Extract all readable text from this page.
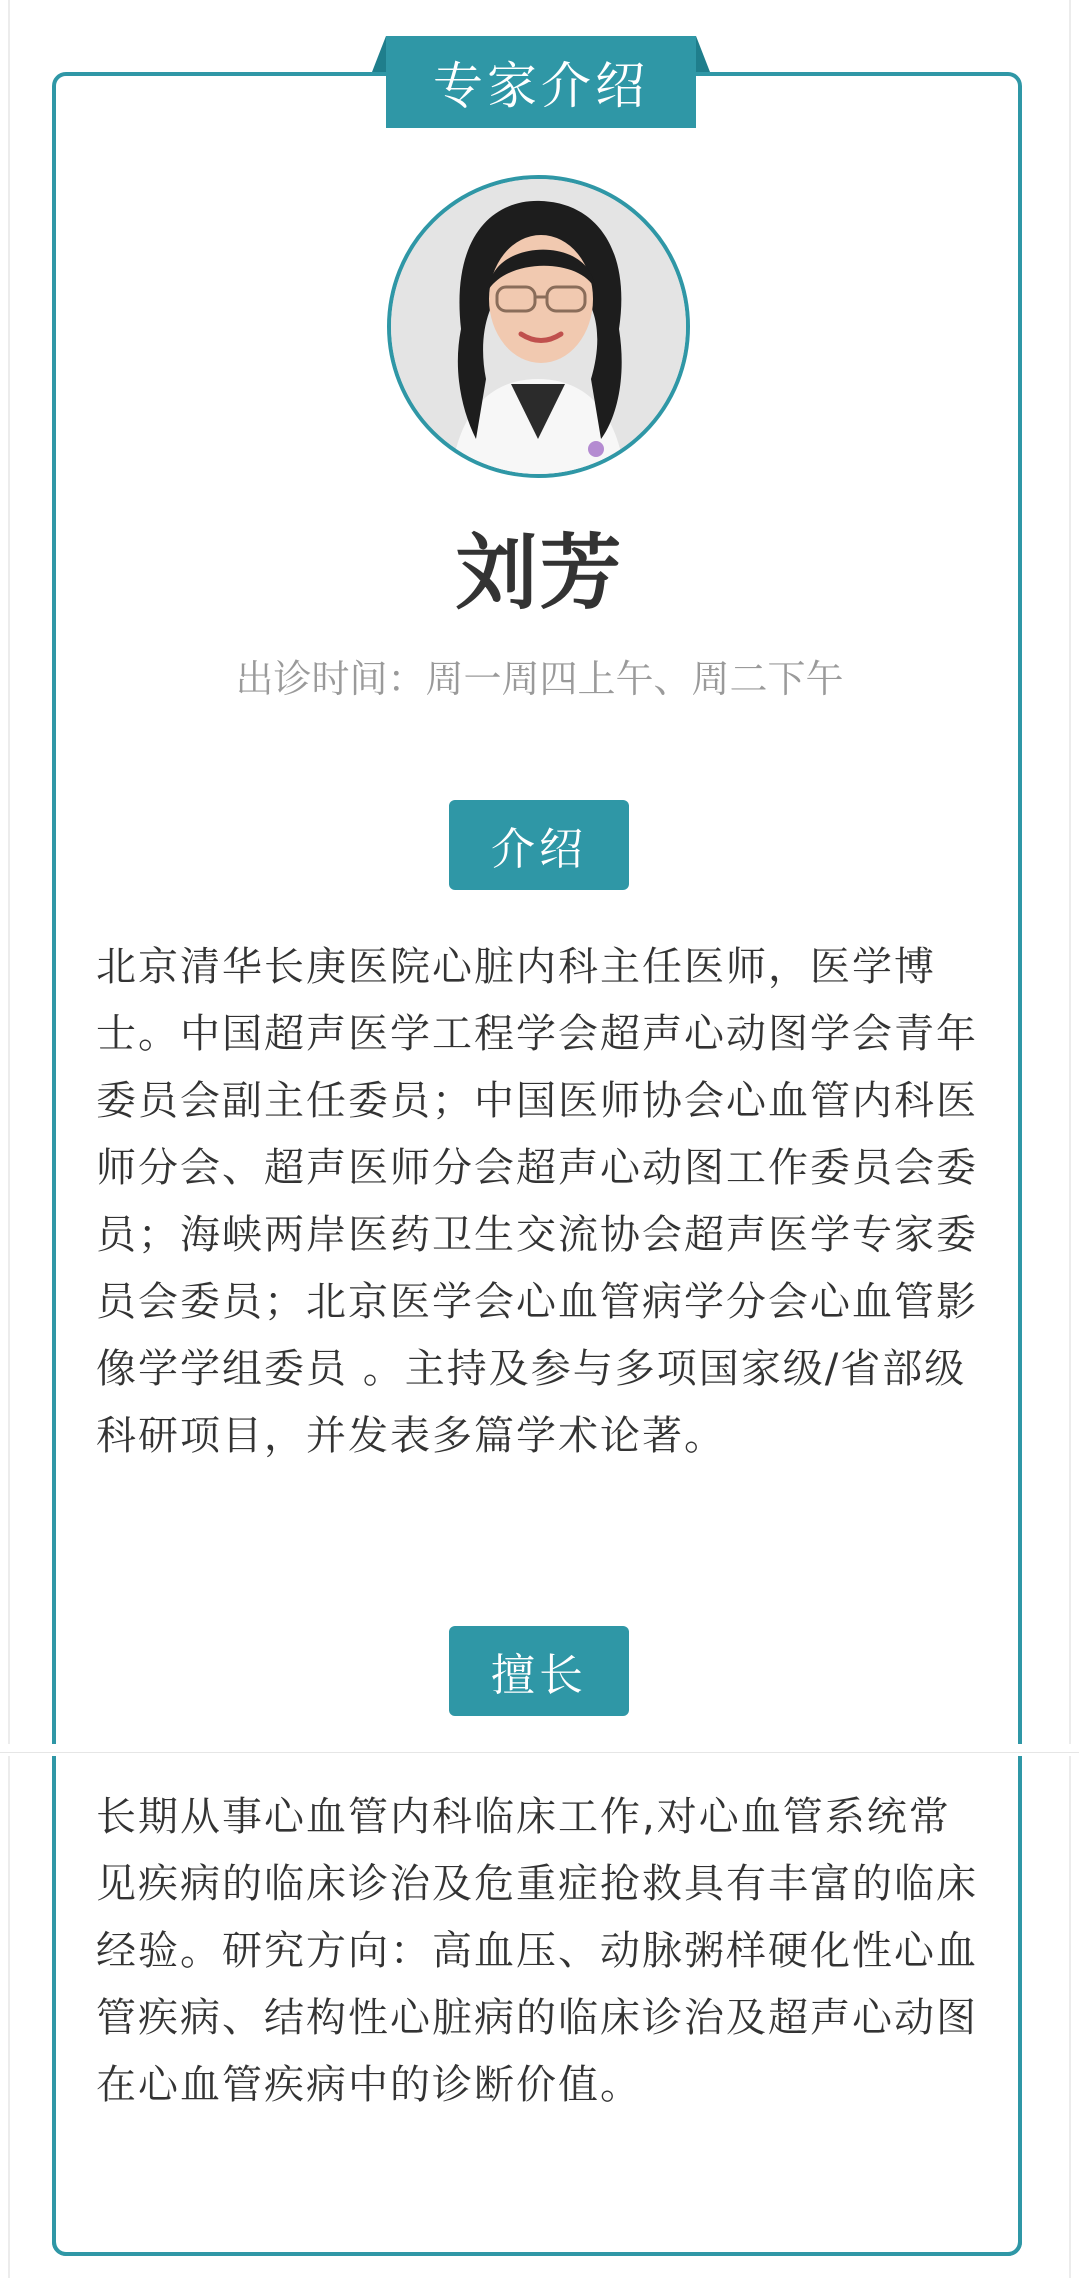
专家介绍
刘芳
出诊时间：周一周四上午、周二下午
介绍
北京清华长庚医院心脏内科主任医师，医学博士。中国超声医学工程学会超声心动图学会青年委员会副主任委员；中国医师协会心血管内科医师分会、超声医师分会超声心动图工作委员会委员；海峡两岸医药卫生交流协会超声医学专家委员会委员；北京医学会心血管病学分会心血管影像学学组委员 。主持及参与多项国家级/省部级科研项目，并发表多篇学术论著。
擅长
长期从事心血管内科临床工作,对心血管系统常见疾病的临床诊治及危重症抢救具有丰富的临床经验。研究方向：高血压、动脉粥样硬化性心血管疾病、结构性心脏病的临床诊治及超声心动图在心血管疾病中的诊断价值。
